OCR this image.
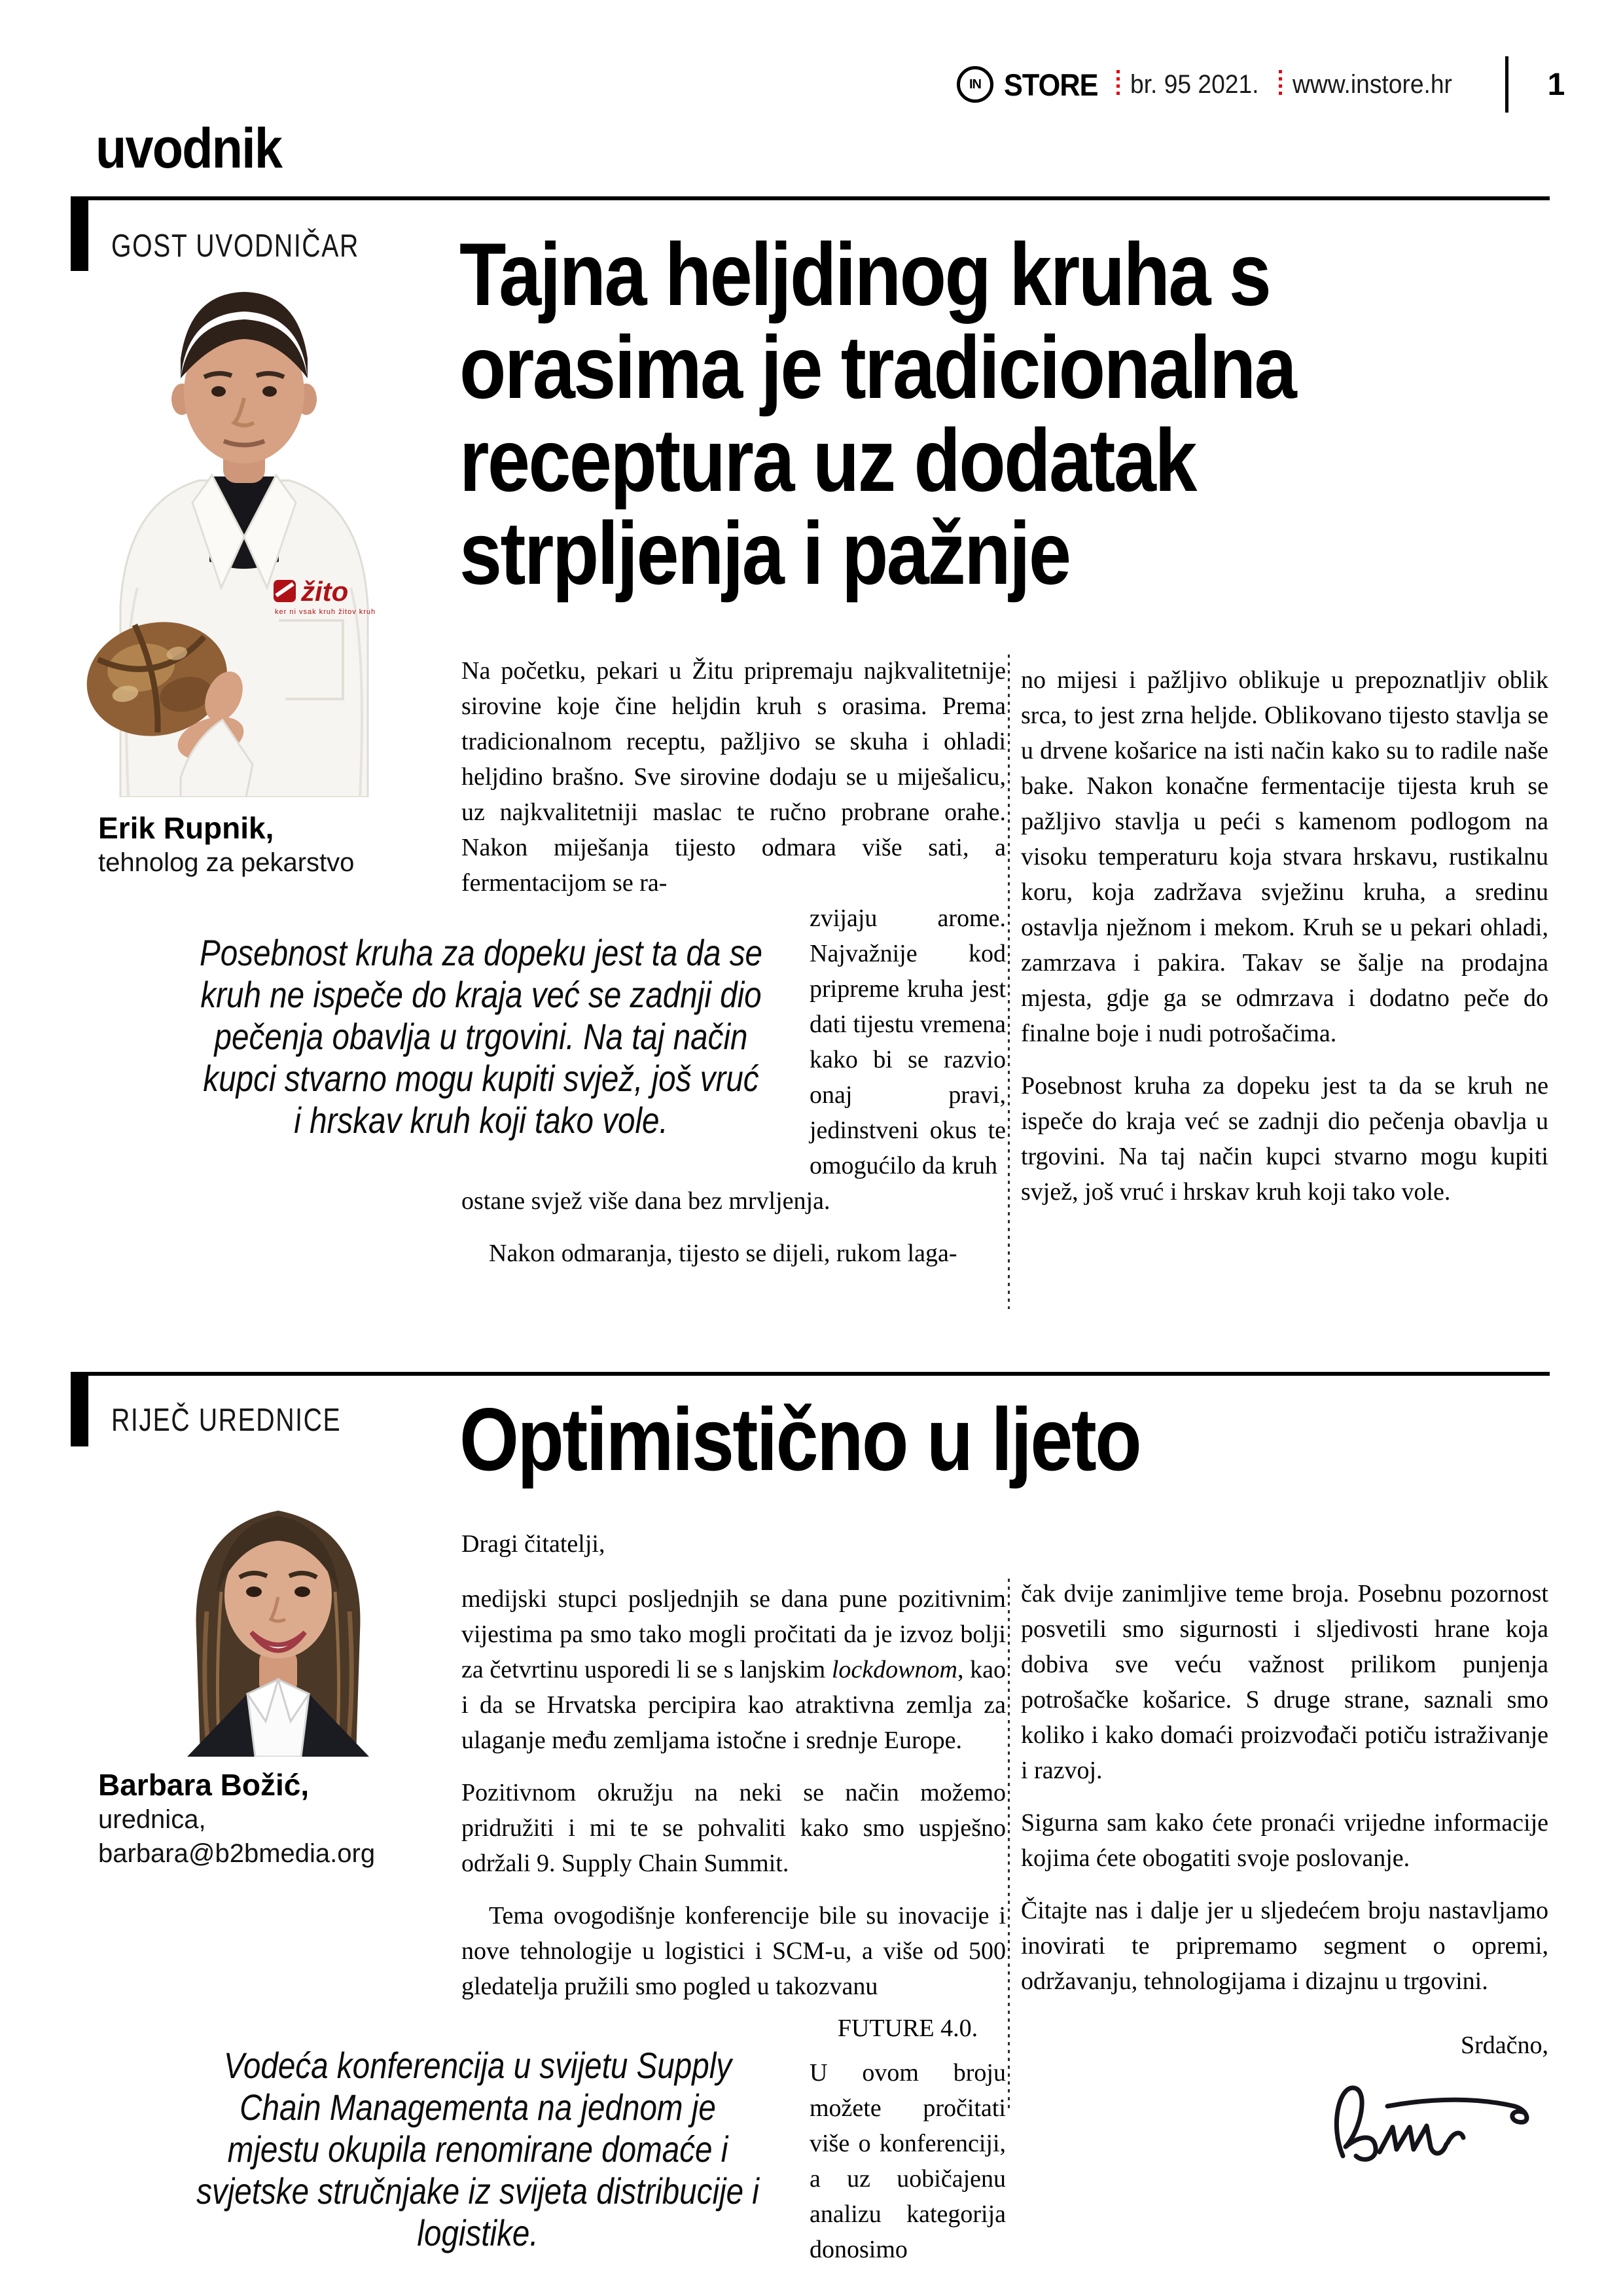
IN STORE br. 95 2021. www.instore.hr	1
uvodnik
GOST UVODNIČAR Tajna heljdinog kruha s
orasima je tradicionalna
receptura uz dodatak
strpljenja i pažnje
žito
ker ni vsak kruh žitov kruh
Erik Rupnik,
tehnolog za pekarstvo
Na početku, pekari u Žitu pripremaju najkvalitetnije sirovine koje čine heljdin kruh s orasima. Prema tradicionalnom receptu, pažljivo se skuha i ohladi heljdino brašno. Sve sirovine dodaju se u miješalicu, uz najkvalitetniji maslac te ručno probrane orahe. Nakon miješanja tijesto odmara više sati, a fermentacijom se ra-
zvijaju arome. Najvažnije kod pripreme kruha jest dati tijestu vremena kako bi se razvio onaj pravi, jedinstveni okus te omogućilo da kruh
ostane svjež više dana bez mrvljenja.
Nakon odmaranja, tijesto se dijeli, rukom laga-
no mijesi i pažljivo oblikuje u prepoznatljiv oblik srca, to jest zrna heljde. Oblikovano tijesto stavlja se u drvene košarice na isti način kako su to radile naše bake. Nakon konačne fermentacije tijesta kruh se pažljivo stavlja u peći s kamenom podlogom na visoku temperaturu koja stvara hrskavu, rustikalnu koru, koja zadržava svježinu kruha, a sredinu ostavlja nježnom i mekom. Kruh se u pekari ohladi, zamrzava i pakira. Takav se šalje na prodajna mjesta, gdje ga se odmrzava i dodatno peče do finalne boje i nudi potrošačima.
Posebnost kruha za dopeku jest ta da se kruh ne ispeče do kraja već se zadnji dio pečenja obavlja u trgovini. Na taj način kupci stvarno mogu kupiti svjež, još vruć i hrskav kruh koji tako vole.
Posebnost kruha za dopeku jest ta da se
kruh ne ispeče do kraja već se zadnji dio
pečenja obavlja u trgovini. Na taj način
kupci stvarno mogu kupiti svjež, još vruć
i hrskav kruh koji tako vole.
RIJEČ UREDNICE Optimistično u ljeto
Barbara Božić,
urednica,
barbara@b2bmedia.org
Dragi čitatelji,
medijski stupci posljednjih se dana pune pozitivnim vijestima pa smo tako mogli pročitati da je izvoz bolji za četvrtinu usporedi li se s lanjskim lockdownom, kao i da se Hrvatska percipira kao atraktivna zemlja za ulaganje među zemljama istočne i srednje Europe.
Pozitivnom okružju na neki se način možemo pridružiti i mi te se pohvaliti kako smo uspješno održali 9. Supply Chain Summit.
Tema ovogodišnje konferencije bile su inovacije i nove tehnologije u logistici i SCM-u, a više od 500 gledatelja pružili smo pogled u takozvanu
FUTURE 4.0.
U ovom broju možete pročitati više o konferenciji, a uz uobičajenu analizu kategorija donosimo
čak dvije zanimljive teme broja. Posebnu pozornost posvetili smo sigurnosti i sljedivosti hrane koja dobiva sve veću važnost prilikom punjenja potrošačke košarice. S druge strane, saznali smo koliko i kako domaći proizvođači potiču istraživanje i razvoj.
Sigurna sam kako ćete pronaći vrijedne informacije kojima ćete obogatiti svoje poslovanje.
Čitajte nas i dalje jer u sljedećem broju nastavljamo inovirati te pripremamo segment o opremi, održavanju, tehnologijama i dizajnu u trgovini.
Srdačno,
Vodeća konferencija u svijetu Supply
Chain Managementa na jednom je
mjestu okupila renomirane domaće i
svjetske stručnjake iz svijeta distribucije i
logistike.
